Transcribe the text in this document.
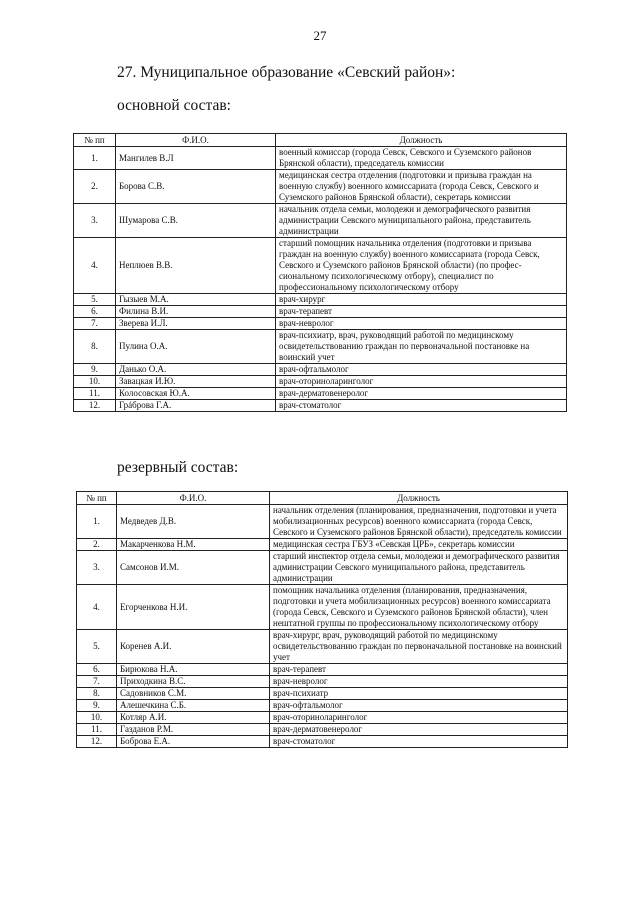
27
27. Муниципальное образование «Севский район»:
основной состав:
№ пп	Ф.И.О.	Должность
1.	Мангилев В.Л	военный комиссар (города Севск, Севского и Суземского районов Брянской области), председатель комиссии
2.	Борова С.В.	медицинская сестра отделения (подготовки и призыва граждан на военную службу) военного комиссариата (города Севск, Севского и Суземского районов Брянской области), секретарь комиссии
3.	Шумарова С.В.	начальник отдела семьи, молодежи и демографического развития администрации Севского муниципального района, представитель администрации
4.	Неплюев В.В.	старший помощник начальника отделения (подготовки и призыва граждан на военную службу) военного комиссариата (города Севск, Севского и Суземского районов Брянской области) (по профес-сиональному психологическому отбору), специалист по профессиональному психологическому отбору
5.	Гызыев М.А.	врач-хирург
6.	Филина В.И.	врач-терапевт
7.	Зверева И.Л.	врач-невролог
8.	Пулина О.А.	врач-психиатр, врач, руководящий работой по медицинскому освидетельствованию граждан по первоначальной постановке на воинский учет
9.	Данько О.А.	врач-офтальмолог
10.	Завацкая И.Ю.	врач-оториноларинголог
11.	Колосовская Ю.А.	врач-дерматовенеролог
12.	Грáброва Г.А.	врач-стоматолог
резервный состав:
№ пп	Ф.И.О.	Должность
1.	Медведев Д.В.	начальник отделения (планирования, предназначения, подготовки и учета мобилизационных ресурсов) военного комиссариата (города Севск, Севского и Суземского районов Брянской области), председатель комиссии
2.	Макарченкова Н.М.	медицинская сестра ГБУЗ «Севская ЦРБ», секретарь комиссии
3.	Самсонов И.М.	старший инспектор отдела семьи, молодежи и демографического развития администрации Севского муниципального района, представитель администрации
4.	Егорченкова Н.И.	помощник начальника отделения (планирования, предназначения, подготовки и учета мобилизационных ресурсов) военного комиссариата (города Севск, Севского и Суземского районов Брянской области), член нештатной группы по профессиональному психологическому отбору
5.	Коренев А.И.	врач-хирург, врач, руководящий работой по медицинскому освидетельствованию граждан по первоначальной постановке на воинский учет
6.	Бирюкова Н.А.	врач-терапевт
7.	Приходкина В.С.	врач-невролог
8.	Садовников С.М.	врач-психиатр
9.	Алешечкина С.Б.	врач-офтальмолог
10.	Котляр А.И.	врач-оториноларинголог
11.	Газданов Р.М.	врач-дерматовенеролог
12.	Боброва Е.А.	врач-стоматолог
